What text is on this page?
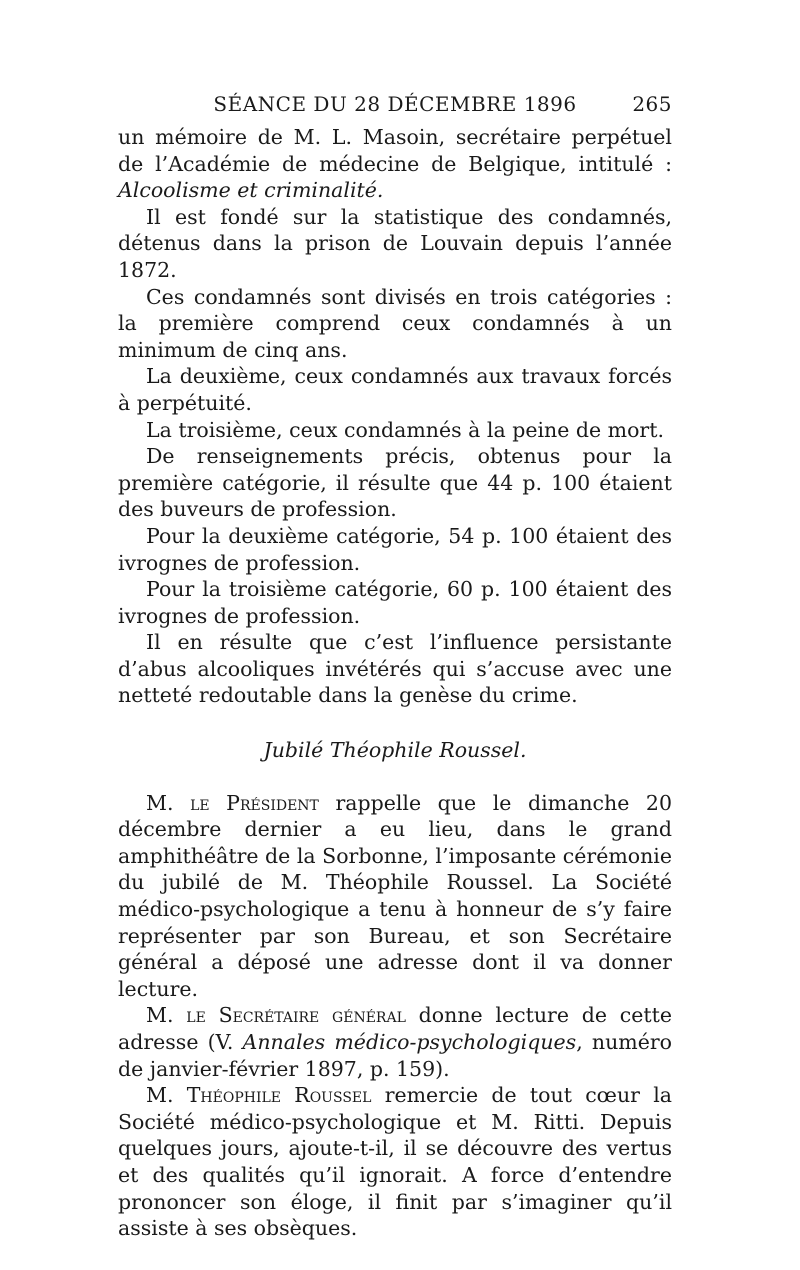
SÉANCE DU 28 DÉCEMBRE 1896	265

un mémoire de M. L. Masoin, secrétaire perpétuel de l’Académie de médecine de Belgique, intitulé : Alcoolisme et criminalité.

Il est fondé sur la statistique des condamnés, détenus dans la prison de Louvain depuis l’année 1872.

Ces condamnés sont divisés en trois catégories : la première comprend ceux condamnés à un minimum de cinq ans.

La deuxième, ceux condamnés aux travaux forcés à perpétuité.

La troisième, ceux condamnés à la peine de mort.

De renseignements précis, obtenus pour la première catégorie, il résulte que 44 p. 100 étaient des buveurs de profession.

Pour la deuxième catégorie, 54 p. 100 étaient des ivrognes de profession.

Pour la troisième catégorie, 60 p. 100 étaient des ivrognes de profession.

Il en résulte que c’est l’influence persistante d’abus alcooliques invétérés qui s’accuse avec une netteté redoutable dans la genèse du crime.

Jubilé Théophile Roussel.

M. le Président rappelle que le dimanche 20 décembre dernier a eu lieu, dans le grand amphithéâtre de la Sorbonne, l’imposante cérémonie du jubilé de M. Théophile Roussel. La Société médico-psychologique a tenu à honneur de s’y faire représenter par son Bureau, et son Secrétaire général a déposé une adresse dont il va donner lecture.

M. le Secrétaire général donne lecture de cette adresse (V. Annales médico-psychologiques, numéro de janvier-février 1897, p. 159).

M. Théophile Roussel remercie de tout cœur la Société médico-psychologique et M. Ritti. Depuis quelques jours, ajoute-t-il, il se découvre des vertus et des qualités qu’il ignorait. A force d’entendre prononcer son éloge, il finit par s’imaginer qu’il assiste à ses obsèques.
